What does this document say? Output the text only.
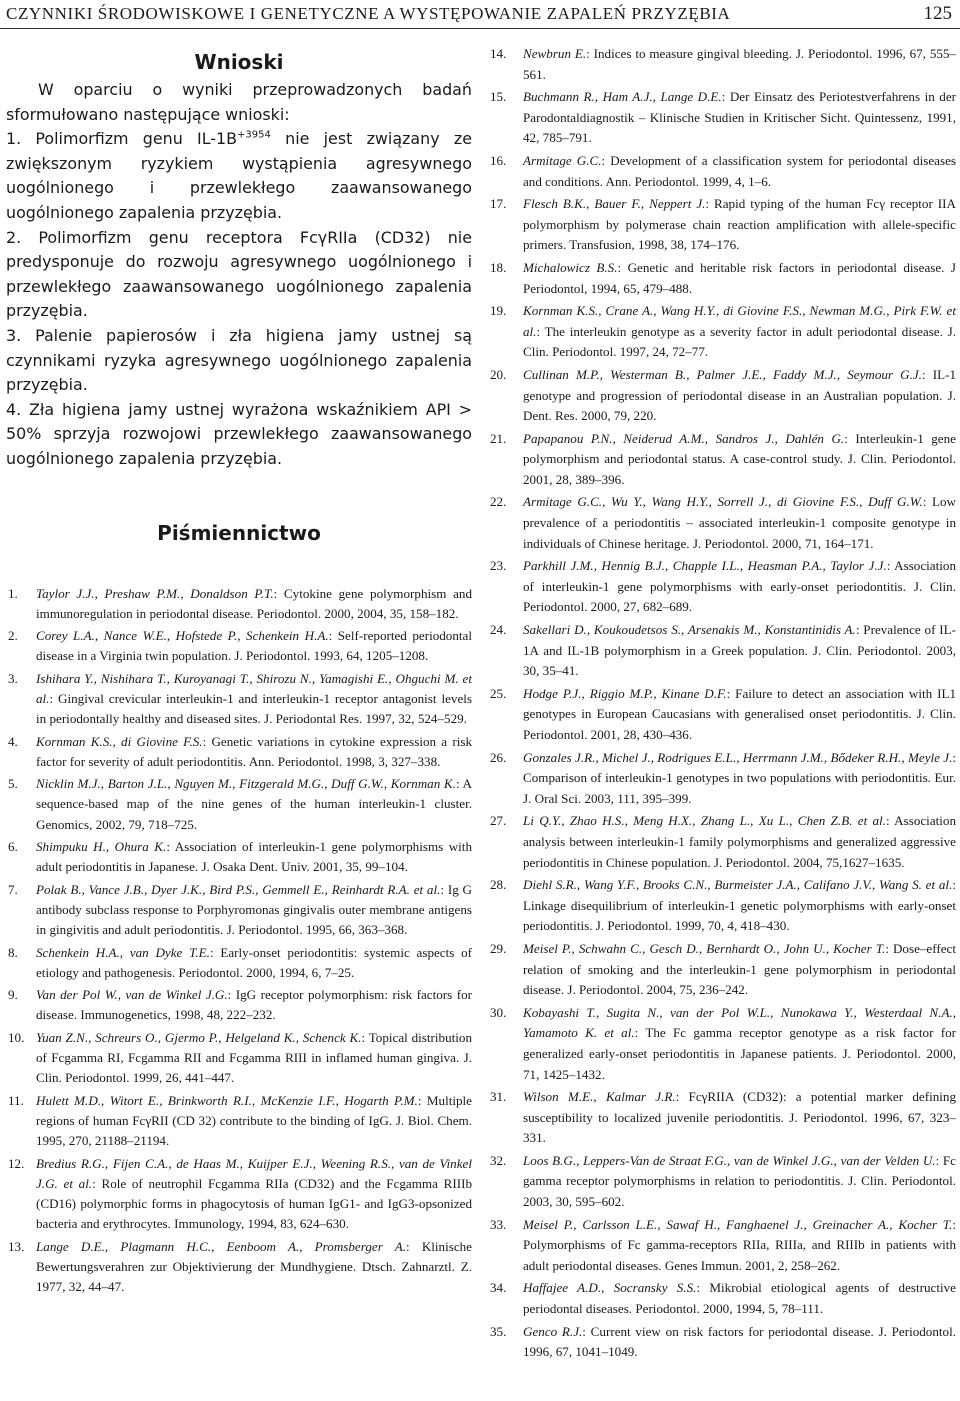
CZYNNIKI ŚRODOWISKOWE I GENETYCZNE A WYSTĘPOWANIE ZAPALEŃ PRZYZĘBIA	125
Wnioski

W oparciu o wyniki przeprowadzonych badań sformułowano następujące wnioski:

1. Polimorfizm genu $IL-1B^{+3954}$ nie jest związany ze zwiększonym ryzykiem wystąpienia agresywnego uogólnionego i przewlekłego zaawansowanego uogólnionego zapalenia przyzębia.

2. Polimorfizm genu receptora FcγRIIa (CD32) nie predysponuje do rozwoju agresywnego uogólnionego i przewlekłego zaawansowanego uogólnionego zapalenia przyzębia.

3. Palenie papierosów i zła higiena jamy ustnej są czynnikami ryzyka agresywnego uogólnionego zapalenia przyzębia.

4. Zła higiena jamy ustnej wyrażona wskaźnikiem API > 50% sprzyja rozwojowi przewlekłego zaawansowanego uogólnionego zapalenia przyzębia.

Piśmiennictwo
1. Taylor J.J., Preshaw P.M., Donaldson P.T.: Cytokine gene polymorphism and immunoregulation in periodontal disease. Periodontol. 2000, 2004, 35, 158–182.
2. Corey L.A., Nance W.E., Hofstede P., Schenkein H.A.: Self-reported periodontal disease in a Virginia twin population. J. Periodontol. 1993, 64, 1205–1208.
3. Ishihara Y., Nishihara T., Kuroyanagi T., Shirozu N., Yamagishi E., Ohguchi M. et al.: Gingival crevicular interleukin-1 and interleukin-1 receptor antagonist levels in periodontally healthy and diseased sites. J. Periodontal Res. 1997, 32, 524–529.
4. Kornman K.S., di Giovine F.S.: Genetic variations in cytokine expression a risk factor for severity of adult periodontitis. Ann. Periodontol. 1998, 3, 327–338.
5. Nicklin M.J., Barton J.L., Nguyen M., Fitzgerald M.G., Duff G.W., Kornman K.: A sequence-based map of the nine genes of the human interleukin-1 cluster. Genomics, 2002, 79, 718–725.
6. Shimpuku H., Ohura K.: Association of interleukin-1 gene polymorphisms with adult periodontitis in Japanese. J. Osaka Dent. Univ. 2001, 35, 99–104.
7. Polak B., Vance J.B., Dyer J.K., Bird P.S., Gemmell E., Reinhardt R.A. et al.: Ig G antibody subclass response to Porphyromonas gingivalis outer membrane antigens in gingivitis and adult periodontitis. J. Periodontol. 1995, 66, 363–368.
8. Schenkein H.A., van Dyke T.E.: Early-onset periodontitis: systemic aspects of etiology and pathogenesis. Periodontol. 2000, 1994, 6, 7–25.
9. Van der Pol W., van de Winkel J.G.: IgG receptor polymorphism: risk factors for disease. Immunogenetics, 1998, 48, 222–232.
10. Yuan Z.N., Schreurs O., Gjermo P., Helgeland K., Schenck K.: Topical distribution of Fcgamma RI, Fcgamma RII and Fcgamma RIII in inflamed human gingiva. J. Clin. Periodontol. 1999, 26, 441–447.
11. Hulett M.D., Witort E., Brinkworth R.I., McKenzie I.F., Hogarth P.M.: Multiple regions of human FcγRII (CD 32) contribute to the binding of IgG. J. Biol. Chem. 1995, 270, 21188–21194.
12. Bredius R.G., Fijen C.A., de Haas M., Kuijper E.J., Weening R.S., van de Vinkel J.G. et al.: Role of neutrophil Fcgamma RIIa (CD32) and the Fcgamma RIIIb (CD16) polymorphic forms in phagocytosis of human IgG1- and IgG3-opsonized bacteria and erythrocytes. Immunology, 1994, 83, 624–630.
13. Lange D.E., Plagmann H.C., Eenboom A., Promsberger A.: Klinische Bewertungsverahren zur Objektivierung der Mundhygiene. Dtsch. Zahnarztl. Z. 1977, 32, 44–47.
14. Newbrun E.: Indices to measure gingival bleeding. J. Periodontol. 1996, 67, 555–561.
15. Buchmann R., Ham A.J., Lange D.E.: Der Einsatz des Periotestverfahrens in der Parodontaldiagnostik – Klinische Studien in Kritischer Sicht. Quintessenz, 1991, 42, 785–791.
16. Armitage G.C.: Development of a classification system for periodontal diseases and conditions. Ann. Periodontol. 1999, 4, 1–6.
17. Flesch B.K., Bauer F., Neppert J.: Rapid typing of the human Fcγ receptor IIA polymorphism by polymerase chain reaction amplification with allele-specific primers. Transfusion, 1998, 38, 174–176.
18. Michalowicz B.S.: Genetic and heritable risk factors in periodontal disease. J Periodontol, 1994, 65, 479–488.
19. Kornman K.S., Crane A., Wang H.Y., di Giovine F.S., Newman M.G., Pirk F.W. et al.: The interleukin genotype as a severity factor in adult periodontal disease. J. Clin. Periodontol. 1997, 24, 72–77.
20. Cullinan M.P., Westerman B., Palmer J.E., Faddy M.J., Seymour G.J.: IL-1 genotype and progression of periodontal disease in an Australian population. J. Dent. Res. 2000, 79, 220.
21. Papapanou P.N., Neiderud A.M., Sandros J., Dahlén G.: Interleukin-1 gene polymorphism and periodontal status. A case-control study. J. Clin. Periodontol. 2001, 28, 389–396.
22. Armitage G.C., Wu Y., Wang H.Y., Sorrell J., di Giovine F.S., Duff G.W.: Low prevalence of a periodontitis – associated interleukin-1 composite genotype in individuals of Chinese heritage. J. Periodontol. 2000, 71, 164–171.
23. Parkhill J.M., Hennig B.J., Chapple I.L., Heasman P.A., Taylor J.J.: Association of interleukin-1 gene polymorphisms with early-onset periodontitis. J. Clin. Periodontol. 2000, 27, 682–689.
24. Sakellari D., Koukoudetsos S., Arsenakis M., Konstantinidis A.: Prevalence of IL-1A and IL-1B polymorphism in a Greek population. J. Clin. Periodontol. 2003, 30, 35–41.
25. Hodge P.J., Riggio M.P., Kinane D.F.: Failure to detect an association with IL1 genotypes in European Caucasians with generalised onset periodontitis. J. Clin. Periodontol. 2001, 28, 430–436.
26. Gonzales J.R., Michel J., Rodrigues E.L., Herrmann J.M., Bődeker R.H., Meyle J.: Comparison of interleukin-1 genotypes in two populations with periodontitis. Eur. J. Oral Sci. 2003, 111, 395–399.
27. Li Q.Y., Zhao H.S., Meng H.X., Zhang L., Xu L., Chen Z.B. et al.: Association analysis between interleukin-1 family polymorphisms and generalized aggressive periodontitis in Chinese population. J. Periodontol. 2004, 75,1627–1635.
28. Diehl S.R., Wang Y.F., Brooks C.N., Burmeister J.A., Califano J.V., Wang S. et al.: Linkage disequilibrium of interleukin-1 genetic polymorphisms with early-onset periodontitis. J. Periodontol. 1999, 70, 4, 418–430.
29. Meisel P., Schwahn C., Gesch D., Bernhardt O., John U., Kocher T.: Dose–effect relation of smoking and the interleukin-1 gene polymorphism in periodontal disease. J. Periodontol. 2004, 75, 236–242.
30. Kobayashi T., Sugita N., van der Pol W.L., Nunokawa Y., Westerdaal N.A., Yamamoto K. et al.: The Fc gamma receptor genotype as a risk factor for generalized early-onset periodontitis in Japanese patients. J. Periodontol. 2000, 71, 1425–1432.
31. Wilson M.E., Kalmar J.R.: FcγRIIA (CD32): a potential marker defining susceptibility to localized juvenile periodontitis. J. Periodontol. 1996, 67, 323–331.
32. Loos B.G., Leppers-Van de Straat F.G., van de Winkel J.G., van der Velden U.: Fc gamma receptor polymorphisms in relation to periodontitis. J. Clin. Periodontol. 2003, 30, 595–602.
33. Meisel P., Carlsson L.E., Sawaf H., Fanghaenel J., Greinacher A., Kocher T.: Polymorphisms of Fc gamma-receptors RIIa, RIIIa, and RIIIb in patients with adult periodontal diseases. Genes Immun. 2001, 2, 258–262.
34. Haffajee A.D., Socransky S.S.: Mikrobial etiological agents of destructive periodontal diseases. Periodontol. 2000, 1994, 5, 78–111.
35. Genco R.J.: Current view on risk factors for periodontal disease. J. Periodontol. 1996, 67, 1041–1049.
